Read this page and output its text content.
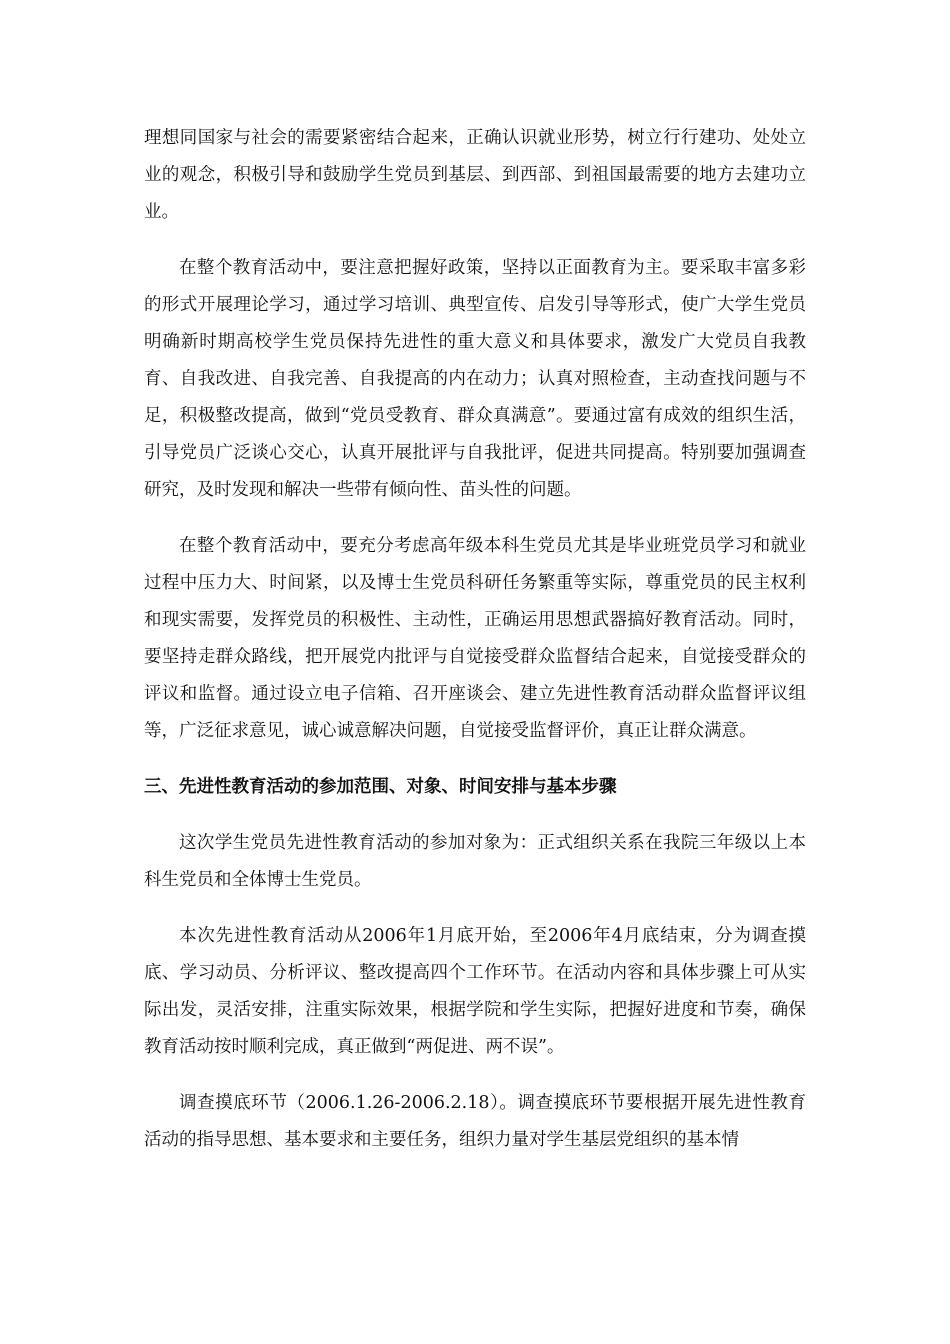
理想同国家与社会的需要紧密结合起来，正确认识就业形势，树立行行建功、处处立业的观念，积极引导和鼓励学生党员到基层、到西部、到祖国最需要的地方去建功立业。

在整个教育活动中，要注意把握好政策，坚持以正面教育为主。要采取丰富多彩的形式开展理论学习，通过学习培训、典型宣传、启发引导等形式，使广大学生党员明确新时期高校学生党员保持先进性的重大意义和具体要求，激发广大党员自我教育、自我改进、自我完善、自我提高的内在动力；认真对照检查，主动查找问题与不足，积极整改提高，做到“党员受教育、群众真满意”。要通过富有成效的组织生活，引导党员广泛谈心交心，认真开展批评与自我批评，促进共同提高。特别要加强调查研究，及时发现和解决一些带有倾向性、苗头性的问题。

在整个教育活动中，要充分考虑高年级本科生党员尤其是毕业班党员学习和就业过程中压力大、时间紧，以及博士生党员科研任务繁重等实际，尊重党员的民主权利和现实需要，发挥党员的积极性、主动性，正确运用思想武器搞好教育活动。同时，要坚持走群众路线，把开展党内批评与自觉接受群众监督结合起来，自觉接受群众的评议和监督。通过设立电子信箱、召开座谈会、建立先进性教育活动群众监督评议组等，广泛征求意见，诚心诚意解决问题，自觉接受监督评价，真正让群众满意。

三、先进性教育活动的参加范围、对象、时间安排与基本步骤

这次学生党员先进性教育活动的参加对象为：正式组织关系在我院三年级以上本科生党员和全体博士生党员。

本次先进性教育活动从2006年1月底开始，至2006年4月底结束，分为调查摸底、学习动员、分析评议、整改提高四个工作环节。在活动内容和具体步骤上可从实际出发，灵活安排，注重实际效果，根据学院和学生实际，把握好进度和节奏，确保教育活动按时顺利完成，真正做到“两促进、两不误”。

调查摸底环节（2006.1.26-2006.2.18）。调查摸底环节要根据开展先进性教育活动的指导思想、基本要求和主要任务，组织力量对学生基层党组织的基本情
